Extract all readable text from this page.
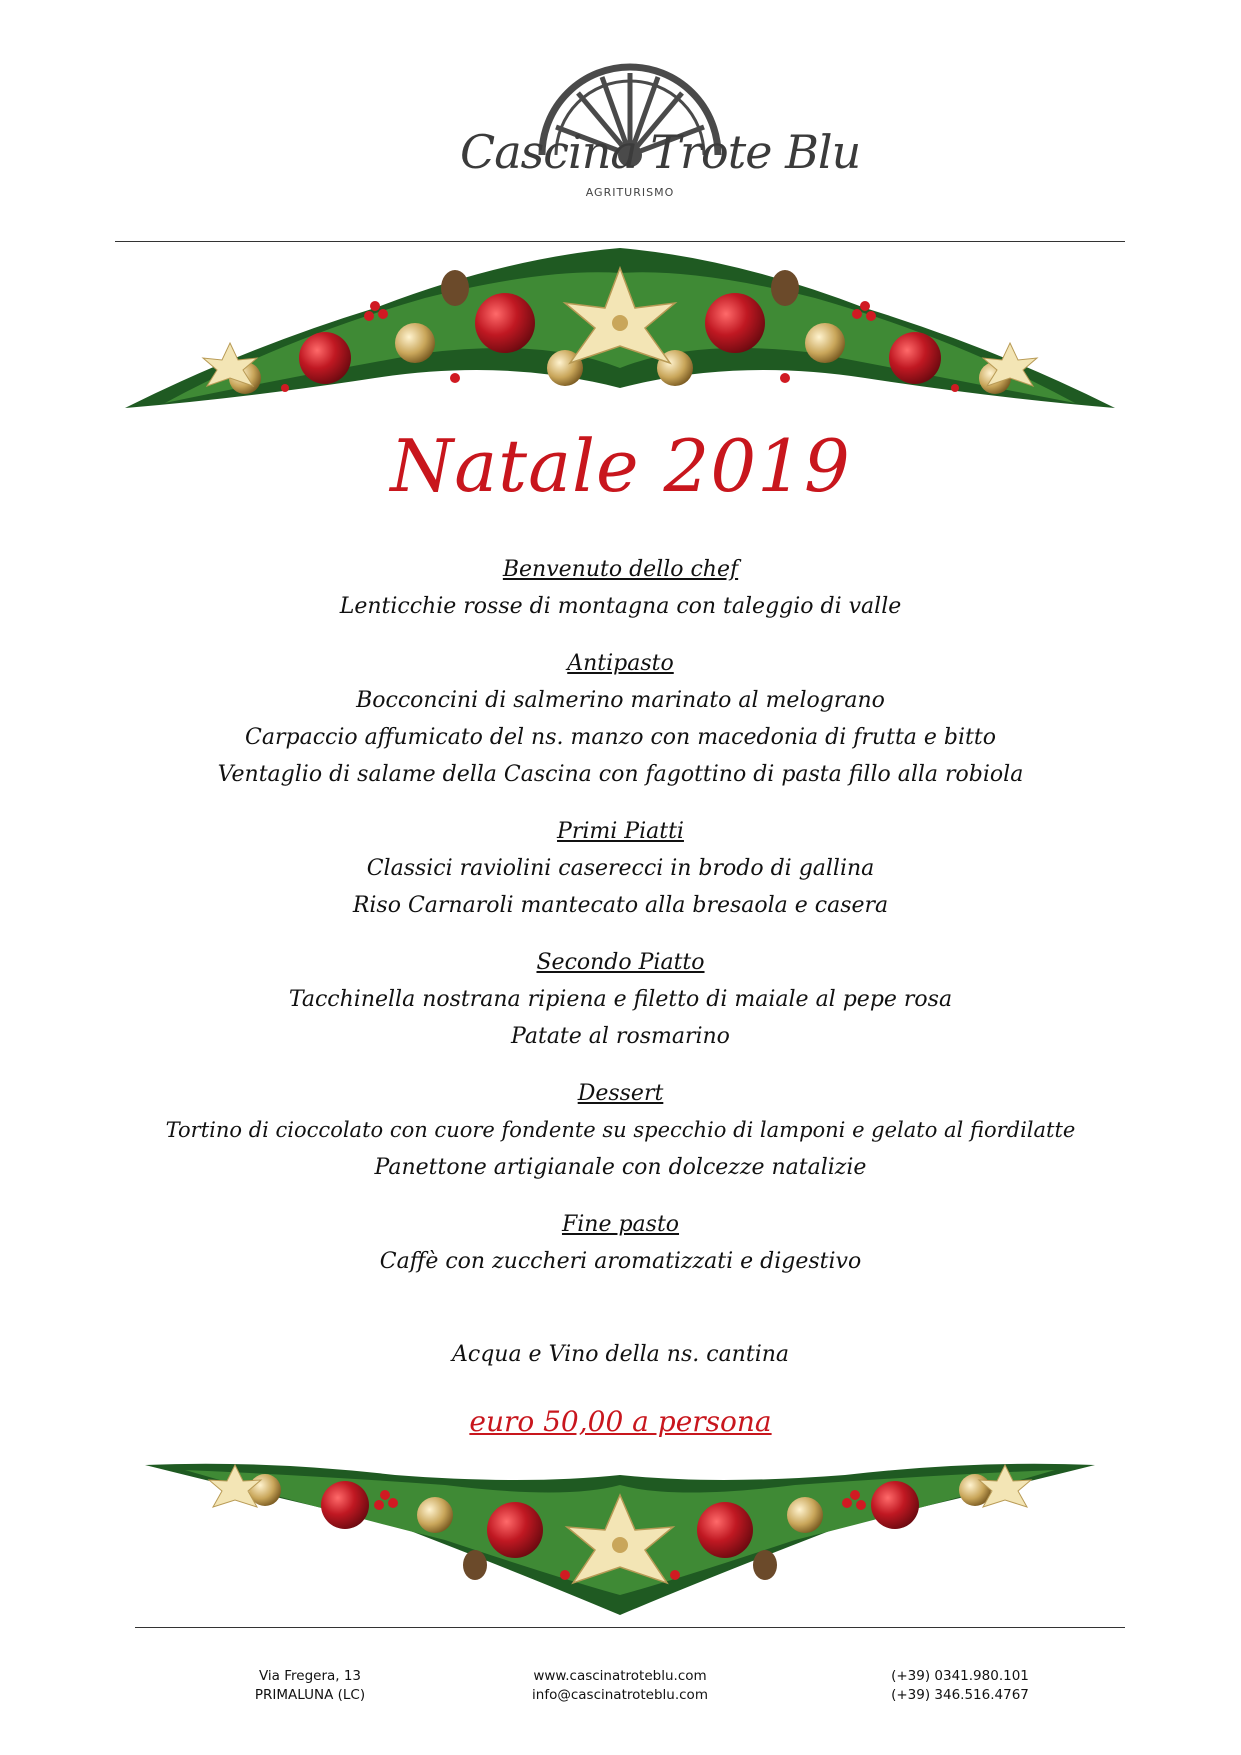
Cascina Trote Blu
AGRITURISMO
Natale 2019
Benvenuto dello chef
Lenticchie rosse di montagna con taleggio di valle
Antipasto
Bocconcini di salmerino marinato al melograno
Carpaccio affumicato del ns. manzo con macedonia di frutta e bitto
Ventaglio di salame della Cascina con fagottino di pasta fillo alla robiola
Primi Piatti
Classici raviolini caserecci in brodo di gallina
Riso Carnaroli mantecato alla bresaola e casera
Secondo Piatto
Tacchinella nostrana ripiena e filetto di maiale al pepe rosa
Patate al rosmarino
Dessert
Tortino di cioccolato con cuore fondente su specchio di lamponi e gelato al fiordilatte
Panettone artigianale con dolcezze natalizie
Fine pasto
Caffè con zuccheri aromatizzati e digestivo
Acqua e Vino della ns. cantina
euro 50,00 a persona
Via Fregera, 13
PRIMALUNA (LC)
www.cascinatroteblu.com
info@cascinatroteblu.com
(+39) 0341.980.101
(+39) 346.516.4767
